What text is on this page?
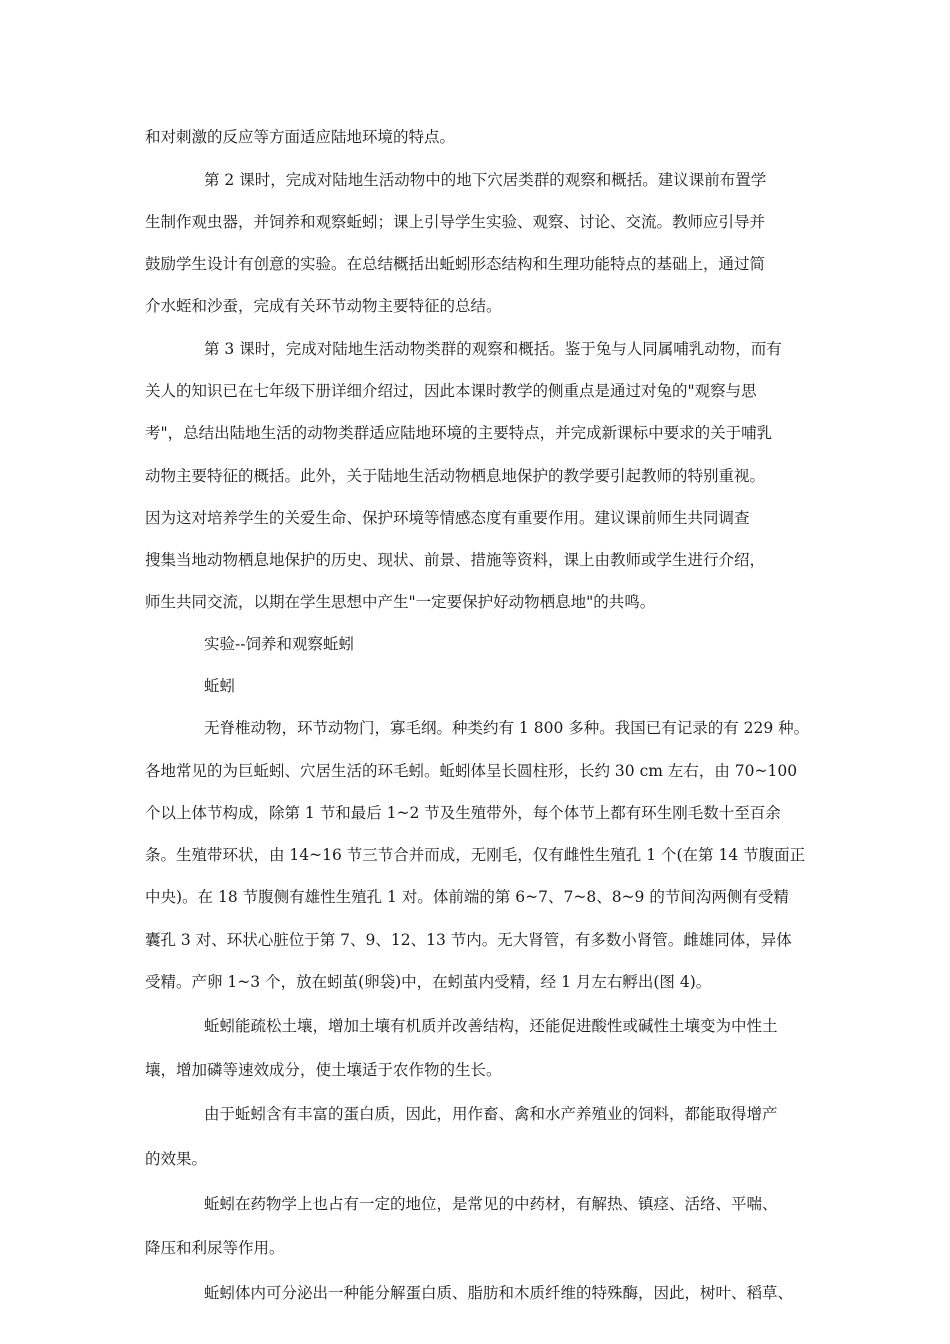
和对刺激的反应等方面适应陆地环境的特点。
第 2 课时，完成对陆地生活动物中的地下穴居类群的观察和概括。建议课前布置学
生制作观虫器，并饲养和观察蚯蚓；课上引导学生实验、观察、讨论、交流。教师应引导并
鼓励学生设计有创意的实验。在总结概括出蚯蚓形态结构和生理功能特点的基础上，通过简
介水蛭和沙蚕，完成有关环节动物主要特征的总结。
第 3 课时，完成对陆地生活动物类群的观察和概括。鉴于兔与人同属哺乳动物，而有
关人的知识已在七年级下册详细介绍过，因此本课时教学的侧重点是通过对兔的"观察与思
考"，总结出陆地生活的动物类群适应陆地环境的主要特点，并完成新课标中要求的关于哺乳
动物主要特征的概括。此外，关于陆地生活动物栖息地保护的教学要引起教师的特别重视。
因为这对培养学生的关爱生命、保护环境等情感态度有重要作用。建议课前师生共同调查
搜集当地动物栖息地保护的历史、现状、前景、措施等资料，课上由教师或学生进行介绍，
师生共同交流，以期在学生思想中产生"一定要保护好动物栖息地"的共鸣。
实验--饲养和观察蚯蚓
蚯蚓
无脊椎动物，环节动物门，寡毛纲。种类约有 1 800 多种。我国已有记录的有 229 种。
各地常见的为巨蚯蚓、穴居生活的环毛蚓。蚯蚓体呈长圆柱形，长约 30 cm 左右，由 70~100
个以上体节构成，除第 1 节和最后 1~2 节及生殖带外，每个体节上都有环生刚毛数十至百余
条。生殖带环状，由 14~16 节三节合并而成，无刚毛，仅有雌性生殖孔 1 个(在第 14 节腹面正
中央)。在 18 节腹侧有雄性生殖孔 1 对。体前端的第 6~7、7~8、8~9 的节间沟两侧有受精
囊孔 3 对、环状心脏位于第 7、9、12、13 节内。无大肾管，有多数小肾管。雌雄同体，异体
受精。产卵 1~3 个，放在蚓茧(卵袋)中，在蚓茧内受精，经 1 月左右孵出(图 4)。
蚯蚓能疏松土壤，增加土壤有机质并改善结构，还能促进酸性或碱性土壤变为中性土
壤，增加磷等速效成分，使土壤适于农作物的生长。
由于蚯蚓含有丰富的蛋白质，因此，用作畜、禽和水产养殖业的饲料，都能取得增产
的效果。
蚯蚓在药物学上也占有一定的地位，是常见的中药材，有解热、镇痉、活络、平喘、
降压和利尿等作用。
蚯蚓体内可分泌出一种能分解蛋白质、脂肪和木质纤维的特殊酶，因此，树叶、稻草、
